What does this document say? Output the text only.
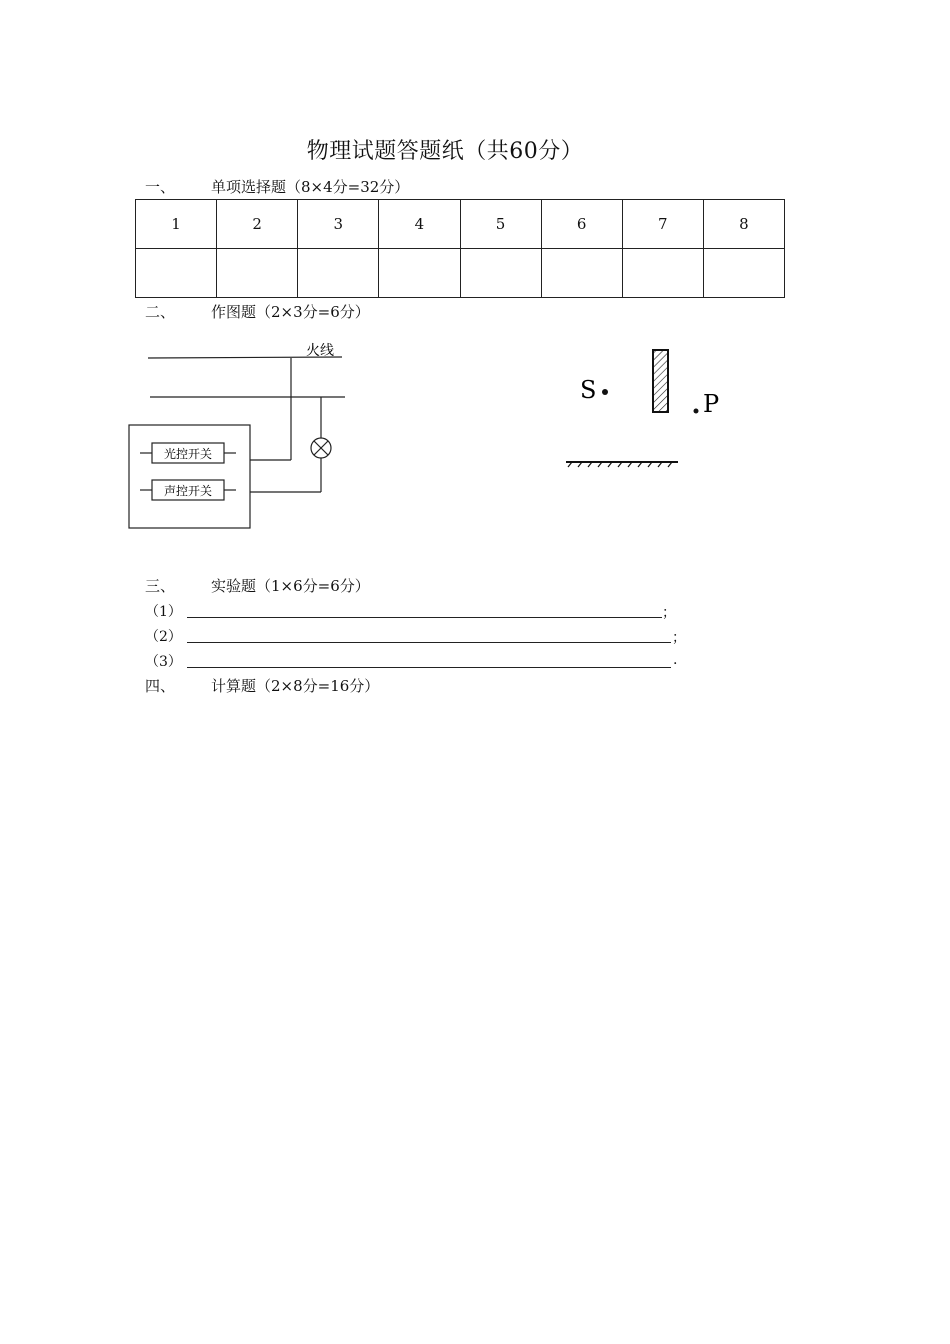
物理试题答题纸（共60分）
一、 单项选择题（8×4分=32分）
1	2	3	4	5	6	7	8

二、 作图题（2×3分=6分）
火线
光控开关
声控开关
S	P
三、 实验题（1×6分=6分）
（1）	；
（2）	；
（3）	.
四、 计算题（2×8分=16分）
